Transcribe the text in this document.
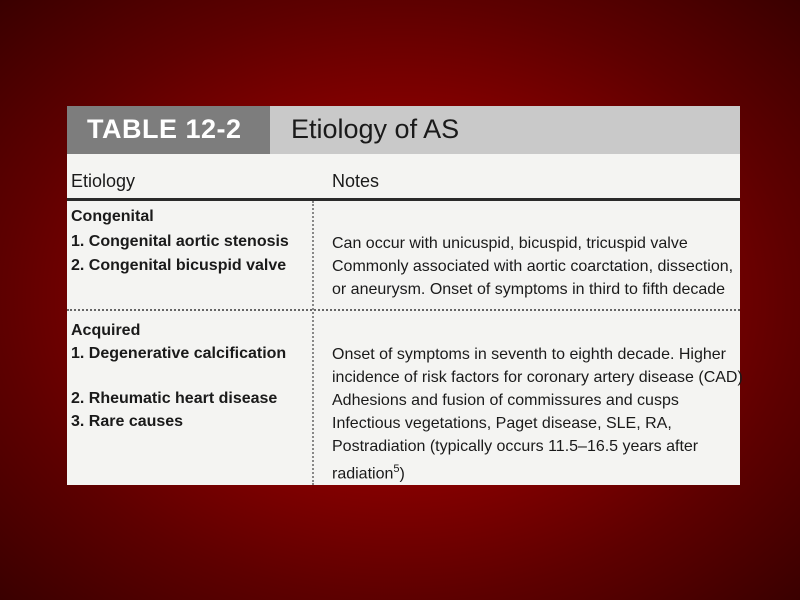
TABLE 12-2 Etiology of AS
Etiology	Notes
Congenital
1. Congenital aortic stenosis
2. Congenital bicuspid valve
Can occur with unicuspid, bicuspid, tricuspid valve
Commonly associated with aortic coarctation, dissection,
or aneurysm. Onset of symptoms in third to fifth decade
Acquired
1. Degenerative calcification
2. Rheumatic heart disease
3. Rare causes
Onset of symptoms in seventh to eighth decade. Higher
incidence of risk factors for coronary artery disease (CAD)
Adhesions and fusion of commissures and cusps
Infectious vegetations, Paget disease, SLE, RA,
Postradiation (typically occurs 11.5–16.5 years after
radiation$^5$)
